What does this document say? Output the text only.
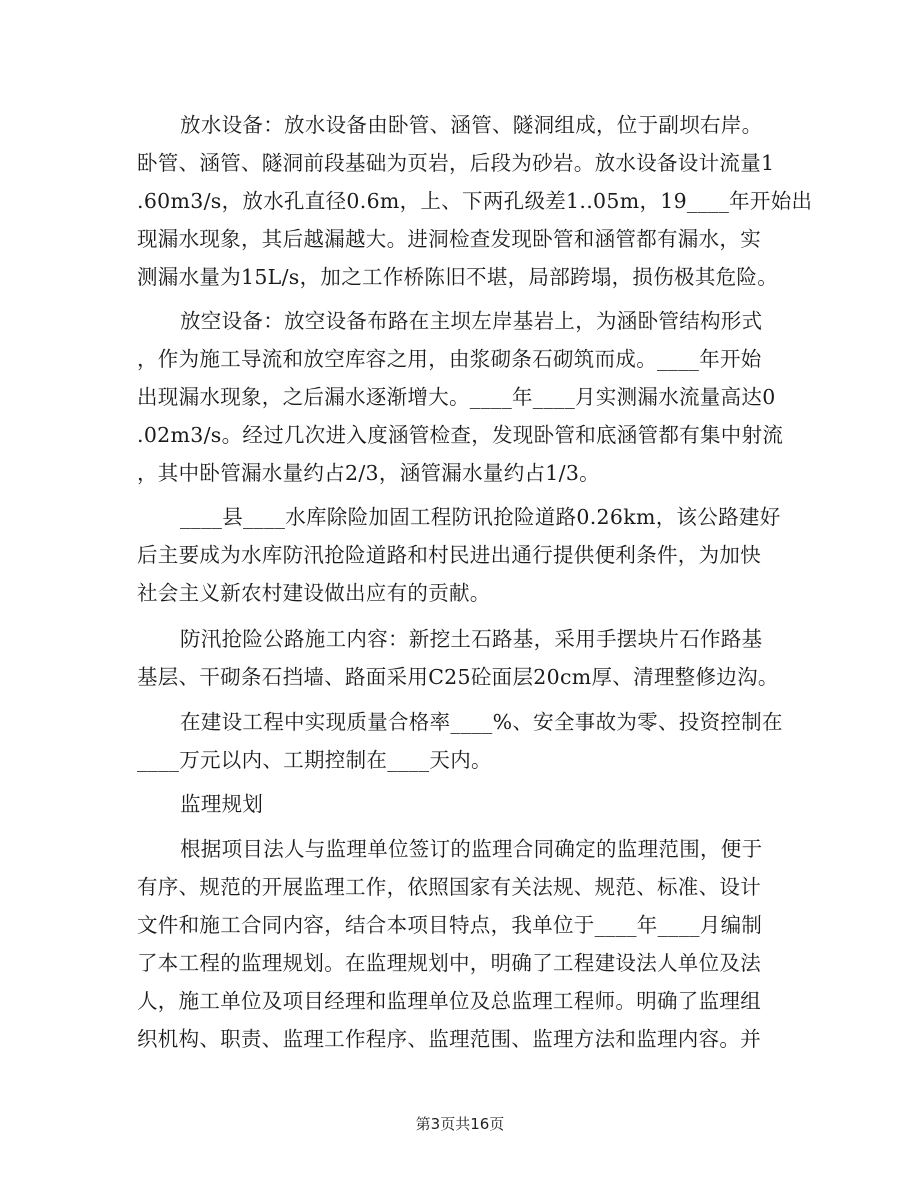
放水设备：放水设备由卧管、涵管、隧洞组成，位于副坝右岸。
卧管、涵管、隧洞前段基础为页岩，后段为砂岩。放水设备设计流量1
.60m3/s，放水孔直径0.6m，上、下两孔级差1..05m，19____年开始出
现漏水现象，其后越漏越大。进洞检查发现卧管和涵管都有漏水，实
测漏水量为15L/s，加之工作桥陈旧不堪，局部跨塌，损伤极其危险。
放空设备：放空设备布路在主坝左岸基岩上，为涵卧管结构形式
，作为施工导流和放空库容之用，由浆砌条石砌筑而成。____年开始
出现漏水现象，之后漏水逐渐增大。____年____月实测漏水流量高达0
.02m3/s。经过几次进入度涵管检查，发现卧管和底涵管都有集中射流
，其中卧管漏水量约占2/3，涵管漏水量约占1/3。
____县____水库除险加固工程防讯抢险道路0.26km，该公路建好
后主要成为水库防汛抢险道路和村民进出通行提供便利条件，为加快
社会主义新农村建设做出应有的贡献。
防汛抢险公路施工内容：新挖土石路基，采用手摆块片石作路基
基层、干砌条石挡墙、路面采用C25砼面层20cm厚、清理整修边沟。
在建设工程中实现质量合格率____%、安全事故为零、投资控制在
____万元以内、工期控制在____天内。
监理规划
根据项目法人与监理单位签订的监理合同确定的监理范围，便于
有序、规范的开展监理工作，依照国家有关法规、规范、标准、设计
文件和施工合同内容，结合本项目特点，我单位于____年____月编制
了本工程的监理规划。在监理规划中，明确了工程建设法人单位及法
人，施工单位及项目经理和监理单位及总监理工程师。明确了监理组
织机构、职责、监理工作程序、监理范围、监理方法和监理内容。并
第3页共16页
